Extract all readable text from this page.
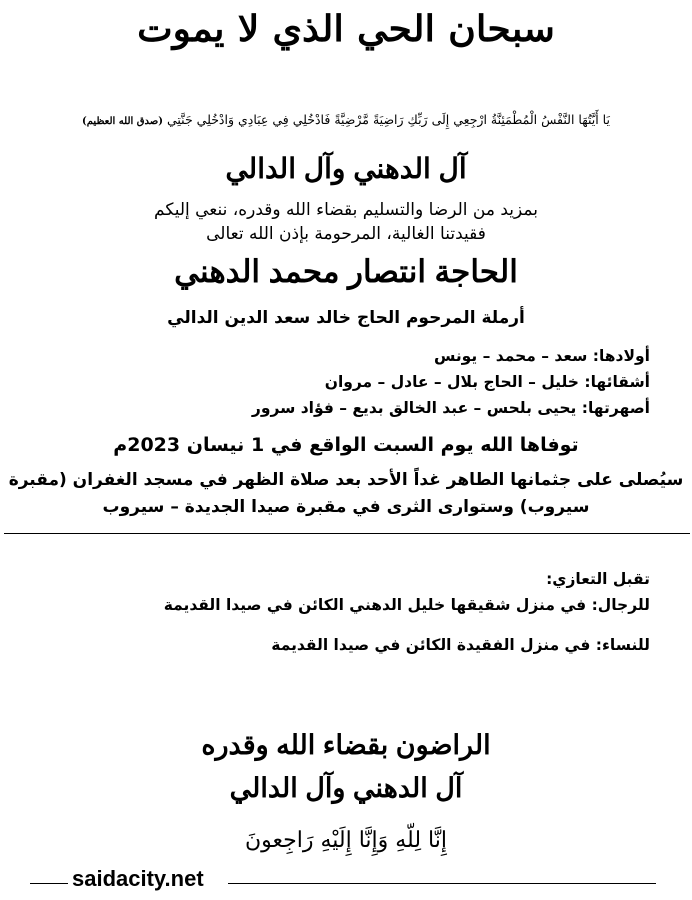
سبحان الحي الذي لا يموت
يَا أَيَّتُهَا النَّفْسُ الْمُطْمَئِنَّةُ ارْجِعِي إِلَى رَبِّكِ رَاضِيَةً مَّرْضِيَّةً فَادْخُلِي فِي عِبَادِي وَادْخُلِي جَنَّتِي (صدق الله العظيم)
آل الدهني وآل الدالي
بمزيد من الرضا والتسليم بقضاء الله وقدره، ننعي إليكم
فقيدتنا الغالية، المرحومة بإذن الله تعالى
الحاجة انتصار محمد الدهني
أرملة المرحوم الحاج خالد سعد الدين الدالي
أولادها: سعد – محمد – يونس
أشقائها: خليل – الحاج بلال – عادل – مروان
أصهرتها: يحيى بلحس – عبد الخالق بديع – فؤاد سرور
توفاها الله يوم السبت الواقع في 1 نيسان 2023م
سيُصلى على جثمانها الطاهر غداً الأحد بعد صلاة الظهر في مسجد الغفران (مقبرة
سيروب) وستوارى الثرى في مقبرة صيدا الجديدة – سيروب
تقبل التعازي:
للرجال: في منزل شقيقها خليل الدهني الكائن في صيدا القديمة
للنساء: في منزل الفقيدة الكائن في صيدا القديمة
الراضون بقضاء الله وقدره
آل الدهني وآل الدالي
إِنَّا لِلّهِ وَإِنَّا إِلَيْهِ رَاجِعونَ
saidacity.net
